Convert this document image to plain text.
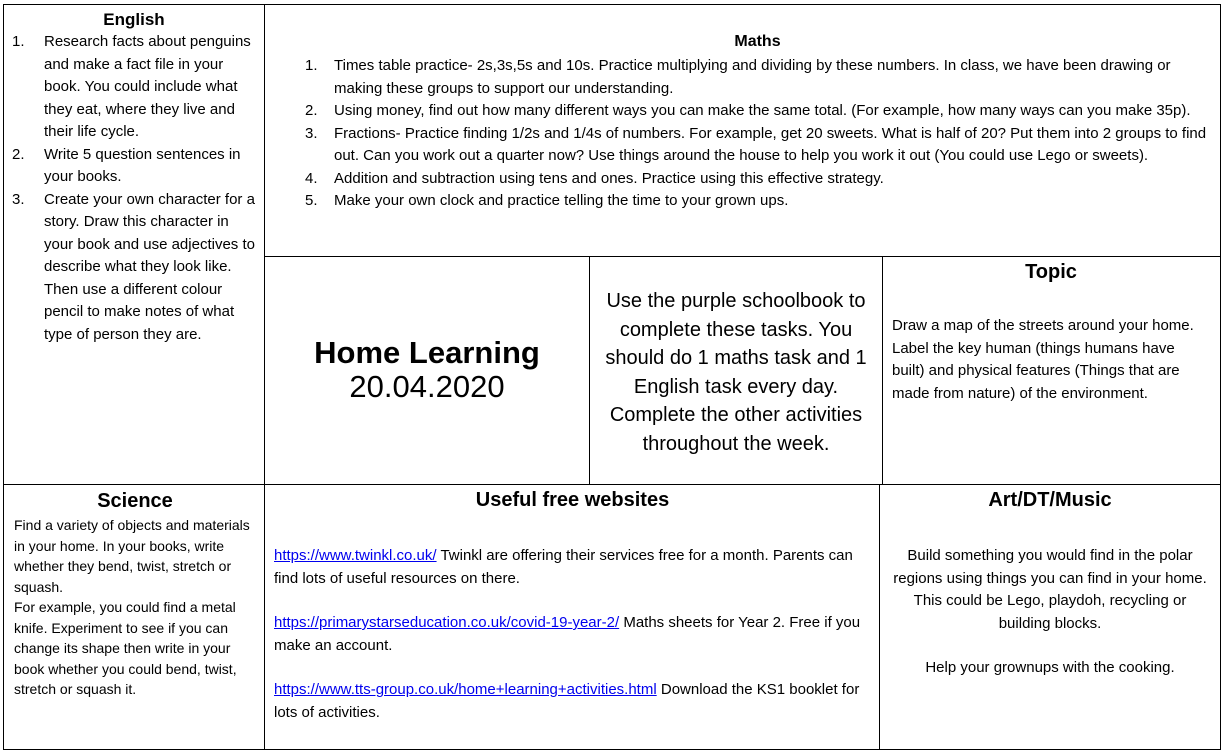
English
1. Research facts about penguins and make a fact file in your book. You could include what they eat, where they live and their life cycle.
2. Write 5 question sentences in your books.
3. Create your own character for a story. Draw this character in your book and use adjectives to describe what they look like. Then use a different colour pencil to make notes of what type of person they are.
Maths
1. Times table practice- 2s,3s,5s and 10s. Practice multiplying and dividing by these numbers. In class, we have been drawing or making these groups to support our understanding.
2. Using money, find out how many different ways you can make the same total. (For example, how many ways can you make 35p).
3. Fractions- Practice finding 1/2s and 1/4s of numbers. For example, get 20 sweets. What is half of 20? Put them into 2 groups to find out. Can you work out a quarter now? Use things around the house to help you work it out (You could use Lego or sweets).
4. Addition and subtraction using tens and ones. Practice using this effective strategy.
5. Make your own clock and practice telling the time to your grown ups.
Home Learning
20.04.2020
Use the purple schoolbook to complete these tasks. You should do 1 maths task and 1 English task every day. Complete the other activities throughout the week.
Topic

Draw a map of the streets around your home. Label the key human (things humans have built) and physical features (Things that are made from nature) of the environment.

Science

Find a variety of objects and materials in your home. In your books, write whether they bend, twist, stretch or squash.

For example, you could find a metal knife. Experiment to see if you can change its shape then write in your book whether you could bend, twist, stretch or squash it.

Useful free websites

https://www.twinkl.co.uk/ Twinkl are offering their services free for a month. Parents can find lots of useful resources on there.

https://primarystarseducation.co.uk/covid-19-year-2/ Maths sheets for Year 2. Free if you make an account.

https://www.tts-group.co.uk/home+learning+activities.html Download the KS1 booklet for lots of activities.

Art/DT/Music

Build something you would find in the polar regions using things you can find in your home. This could be Lego, playdoh, recycling or building blocks.

Help your grownups with the cooking.
